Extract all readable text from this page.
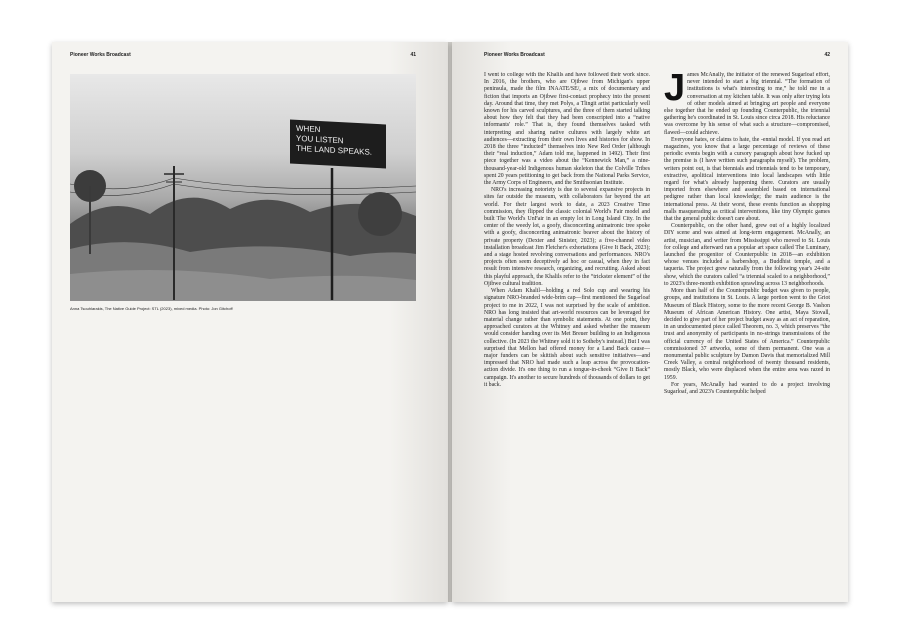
Pioneer Works Broadcast	41
WHEN
YOU LISTEN
THE LAND SPEAKS.
Anna Tsouhlarakis, The Native Guide Project: STL (2023), mixed media. Photo: Jon Gitchoff
Pioneer Works Broadcast	42

I went to college with the Khalils and have followed their work since. In 2016, the brothers, who are Ojibwe from Michigan's upper peninsula, made the film INAATE/SE/, a mix of documentary and fiction that imports an Ojibwe first-contact prophecy into the present day. Around that time, they met Polys, a Tlingit artist particularly well known for his carved sculptures, and the three of them started talking about how they felt that they had been conscripted into a “native informants' role.” That is, they found themselves tasked with interpreting and sharing native cultures with largely white art audiences—extracting from their own lives and histories for show. In 2018 the three “inducted” themselves into New Red Order (although their “real induction,” Adam told me, happened in 1492). Their first piece together was a video about the “Kennewick Man,” a nine-thousand-year-old Indigenous human skeleton that the Colville Tribes spent 20 years petitioning to get back from the National Parks Service, the Army Corps of Engineers, and the Smithsonian Institute.

NRO's increasing notoriety is due to several expansive projects in sites far outside the museum, with collaborators far beyond the art world. For their largest work to date, a 2023 Creative Time commission, they flipped the classic colonial World's Fair model and built The World's UnFair in an empty lot in Long Island City. In the center of the weedy lot, a goofy, disconcerting animatronic tree spoke with a goofy, disconcerting animatronic beaver about the history of private property (Dexter and Sinister, 2023); a five-channel video installation broadcast Jim Fletcher's exhortations (Give It Back, 2023); and a stage hosted revolving conversations and performances. NRO's projects often seem deceptively ad hoc or casual, when they in fact result from intensive research, organizing, and recruiting. Asked about this playful approach, the Khalils refer to the “trickster element” of the Ojibwe cultural tradition.

When Adam Khalil—holding a red Solo cup and wearing his signature NRO-branded wide-brim cap—first mentioned the Sugarloaf project to me in 2022, I was not surprised by the scale of ambition. NRO has long insisted that art-world resources can be leveraged for material change rather than symbolic statements. At one point, they approached curators at the Whitney and asked whether the museum would consider handing over its Met Breuer building to an Indigenous collective. (In 2023 the Whitney sold it to Sotheby's instead.) But I was surprised that Mellon had offered money for a Land Back cause—major funders can be skittish about such sensitive initiatives—and impressed that NRO had made such a leap across the provocation-action divide. It's one thing to run a tongue-in-cheek “Give It Back” campaign. It's another to secure hundreds of thousands of dollars to get it back.

J ames McAnally, the initiator of the renewed Sugarloaf effort, never intended to start a big triennial. “The formation of institutions is what's interesting to me,” he told me in a conversation at my kitchen table. It was only after trying lots of other models aimed at bringing art people and everyone else together that he ended up founding Counterpublic, the triennial gathering he's coordinated in St. Louis since circa 2018. His reluctance was overcome by his sense of what such a structure—compromised, flawed—could achieve.

Everyone hates, or claims to hate, the -ennial model. If you read art magazines, you know that a large percentage of reviews of these periodic events begin with a cursory paragraph about how fucked up the premise is (I have written such paragraphs myself). The problem, writers point out, is that biennials and triennials tend to be temporary, extractive, apolitical interventions into local landscapes with little regard for what's already happening there. Curators are usually imported from elsewhere and assembled based on international pedigree rather than local knowledge; the main audience is the international press. At their worst, these events function as shopping malls masquerading as critical interventions, like tiny Olympic games that the general public doesn't care about.

Counterpublic, on the other hand, grew out of a highly localized DIY scene and was aimed at long-term engagement. McAnally, an artist, musician, and writer from Mississippi who moved to St. Louis for college and afterward ran a popular art space called The Luminary, launched the progenitor of Counterpublic in 2018—an exhibition whose venues included a barbershop, a Buddhist temple, and a taqueria. The project grew naturally from the following year's 24-site show, which the curators called “a triennial scaled to a neighborhood,” to 2023's three-month exhibition sprawling across 13 neighborhoods.

More than half of the Counterpublic budget was given to people, groups, and institutions in St. Louis. A large portion went to the Griot Museum of Black History, some to the more recent George B. Vashon Museum of African American History. One artist, Maya Stovall, decided to give part of her project budget away as an act of reparation, in an undocumented piece called Theorem, no. 3, which preserves “the trust and anonymity of participants in no-strings transmissions of the official currency of the United States of America.” Counterpublic commissioned 37 artworks, some of them permanent. One was a monumental public sculpture by Damon Davis that memorialized Mill Creek Valley, a central neighborhood of twenty thousand residents, mostly Black, who were displaced when the entire area was razed in 1959.

For years, McAnally had wanted to do a project involving Sugarloaf, and 2023's Counterpublic helped
